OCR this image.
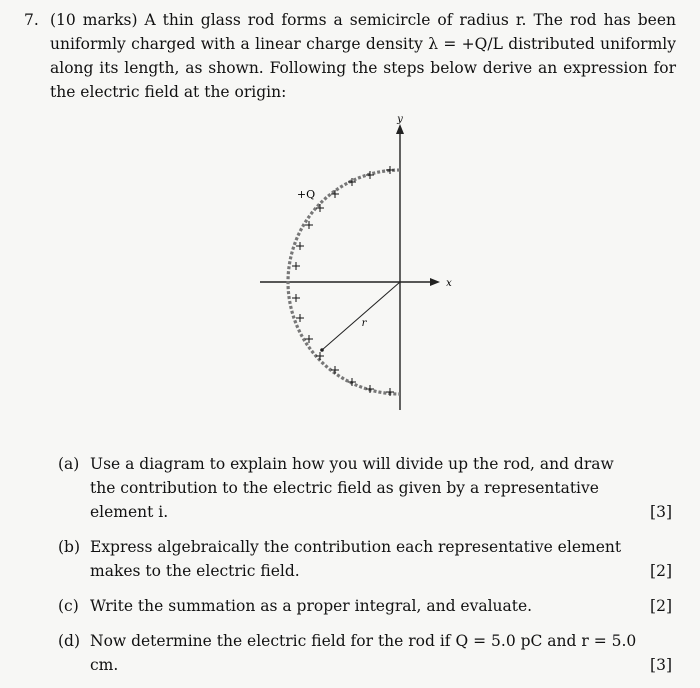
7. (10 marks) A thin glass rod forms a semicircle of radius r. The rod has been uniformly charged with a linear charge density λ = +Q/L distributed uniformly along its length, as shown. Following the steps below derive an expression for the electric field at the origin:
y
x
r
+Q
(a) Use a diagram to explain how you will divide up the rod, and draw the contribution to the electric field as given by a representative element i.	[3]
(b) Express algebraically the contribution each representative element makes to the electric field.	[2]
(c) Write the summation as a proper integral, and evaluate.	[2]
(d) Now determine the electric field for the rod if Q = 5.0 pC and r = 5.0 cm.	[3]
